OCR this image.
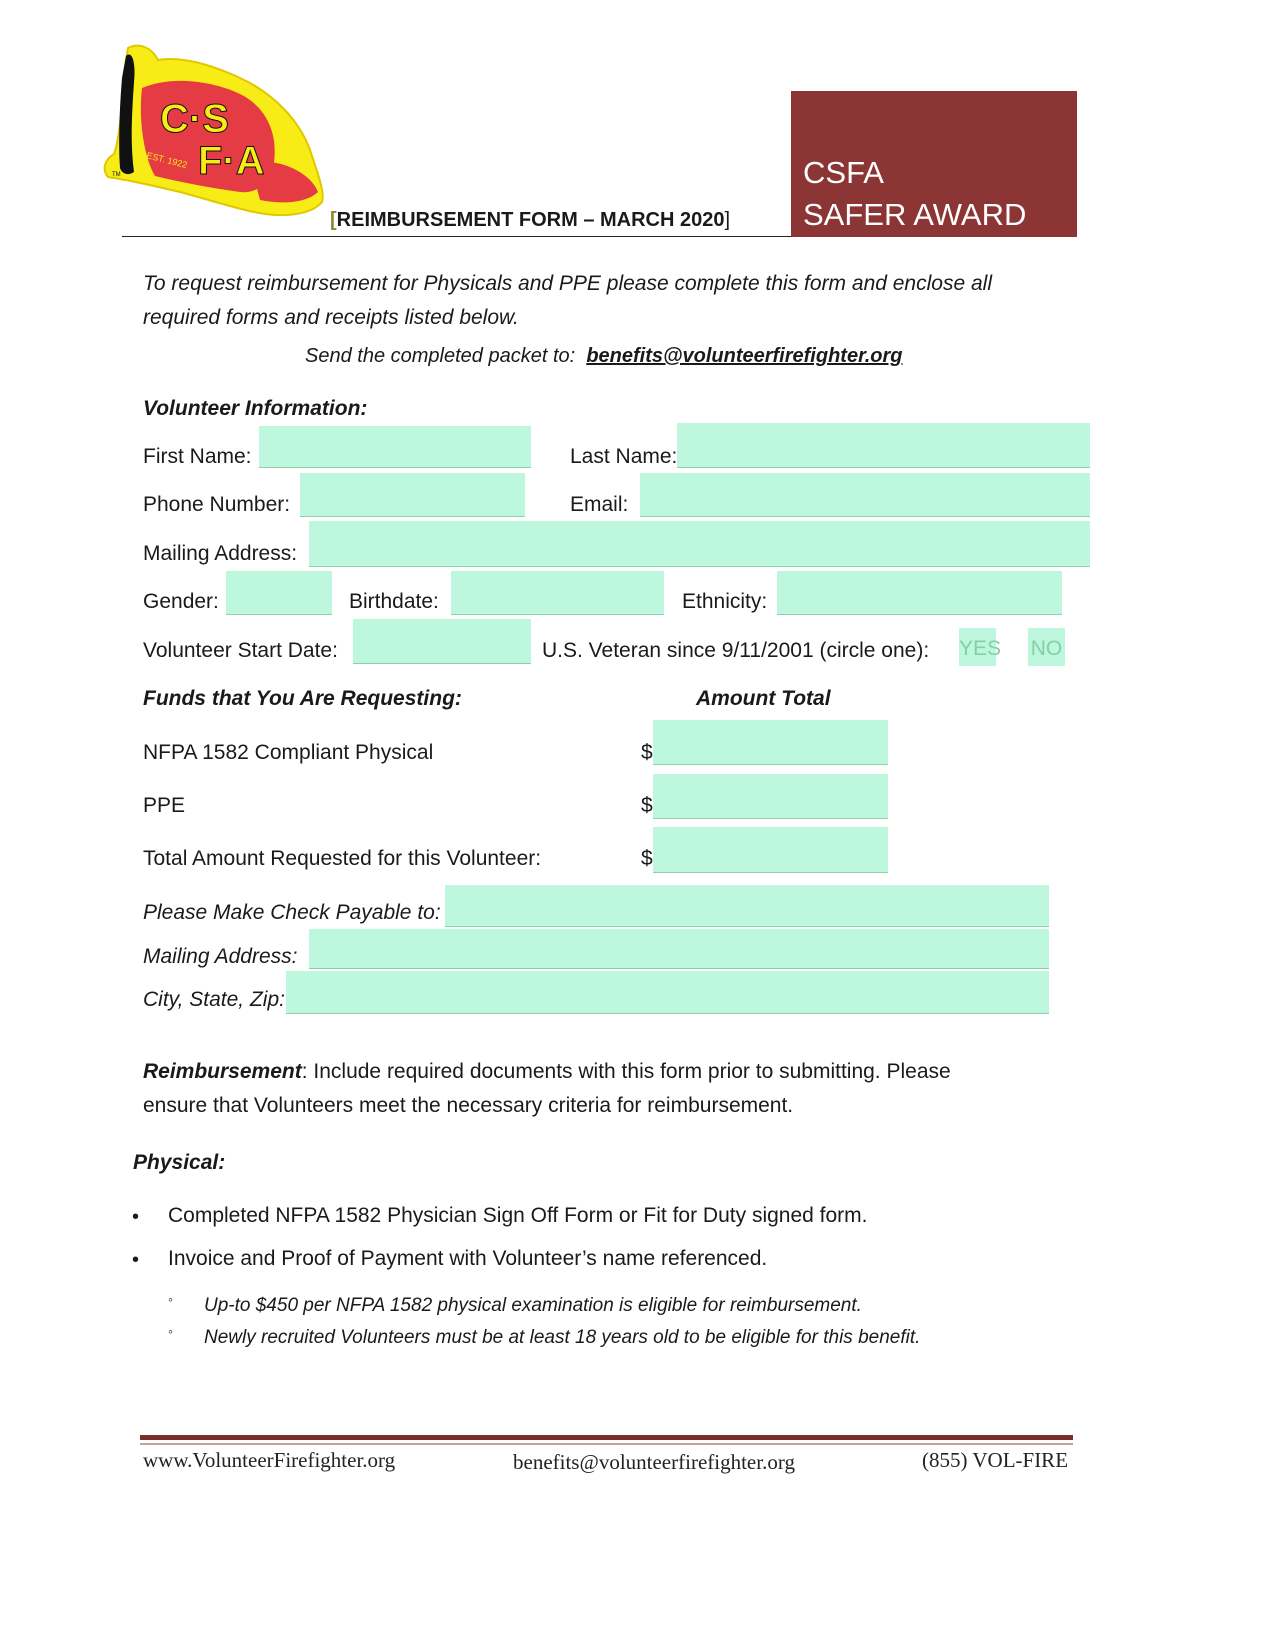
C·S
F·A
EST. 1922
TM
[REIMBURSEMENT FORM – MARCH 2020]
CSFA
SAFER AWARD
To request reimbursement for Physicals and PPE please complete this form and enclose all
required forms and receipts listed below.
Send the completed packet to: benefits@volunteerfirefighter.org
Volunteer Information:
First Name:	Last Name:
Phone Number:	Email:
Mailing Address:
Gender:	Birthdate:	Ethnicity:
Volunteer Start Date:	U.S. Veteran since 9/11/2001 (circle one): YES NO
Funds that You Are Requesting:	Amount Total
NFPA 1582 Compliant Physical	$
PPE	$
Total Amount Requested for this Volunteer:	$
Please Make Check Payable to:
Mailing Address:
City, State, Zip:
Reimbursement: Include required documents with this form prior to submitting. Please
ensure that Volunteers meet the necessary criteria for reimbursement.
Physical:
• Completed NFPA 1582 Physician Sign Off Form or Fit for Duty signed form.
• Invoice and Proof of Payment with Volunteer’s name referenced.
◦ Up-to $450 per NFPA 1582 physical examination is eligible for reimbursement.
◦ Newly recruited Volunteers must be at least 18 years old to be eligible for this benefit.
www.VolunteerFirefighter.org	benefits@volunteerfirefighter.org	(855) VOL-FIRE
